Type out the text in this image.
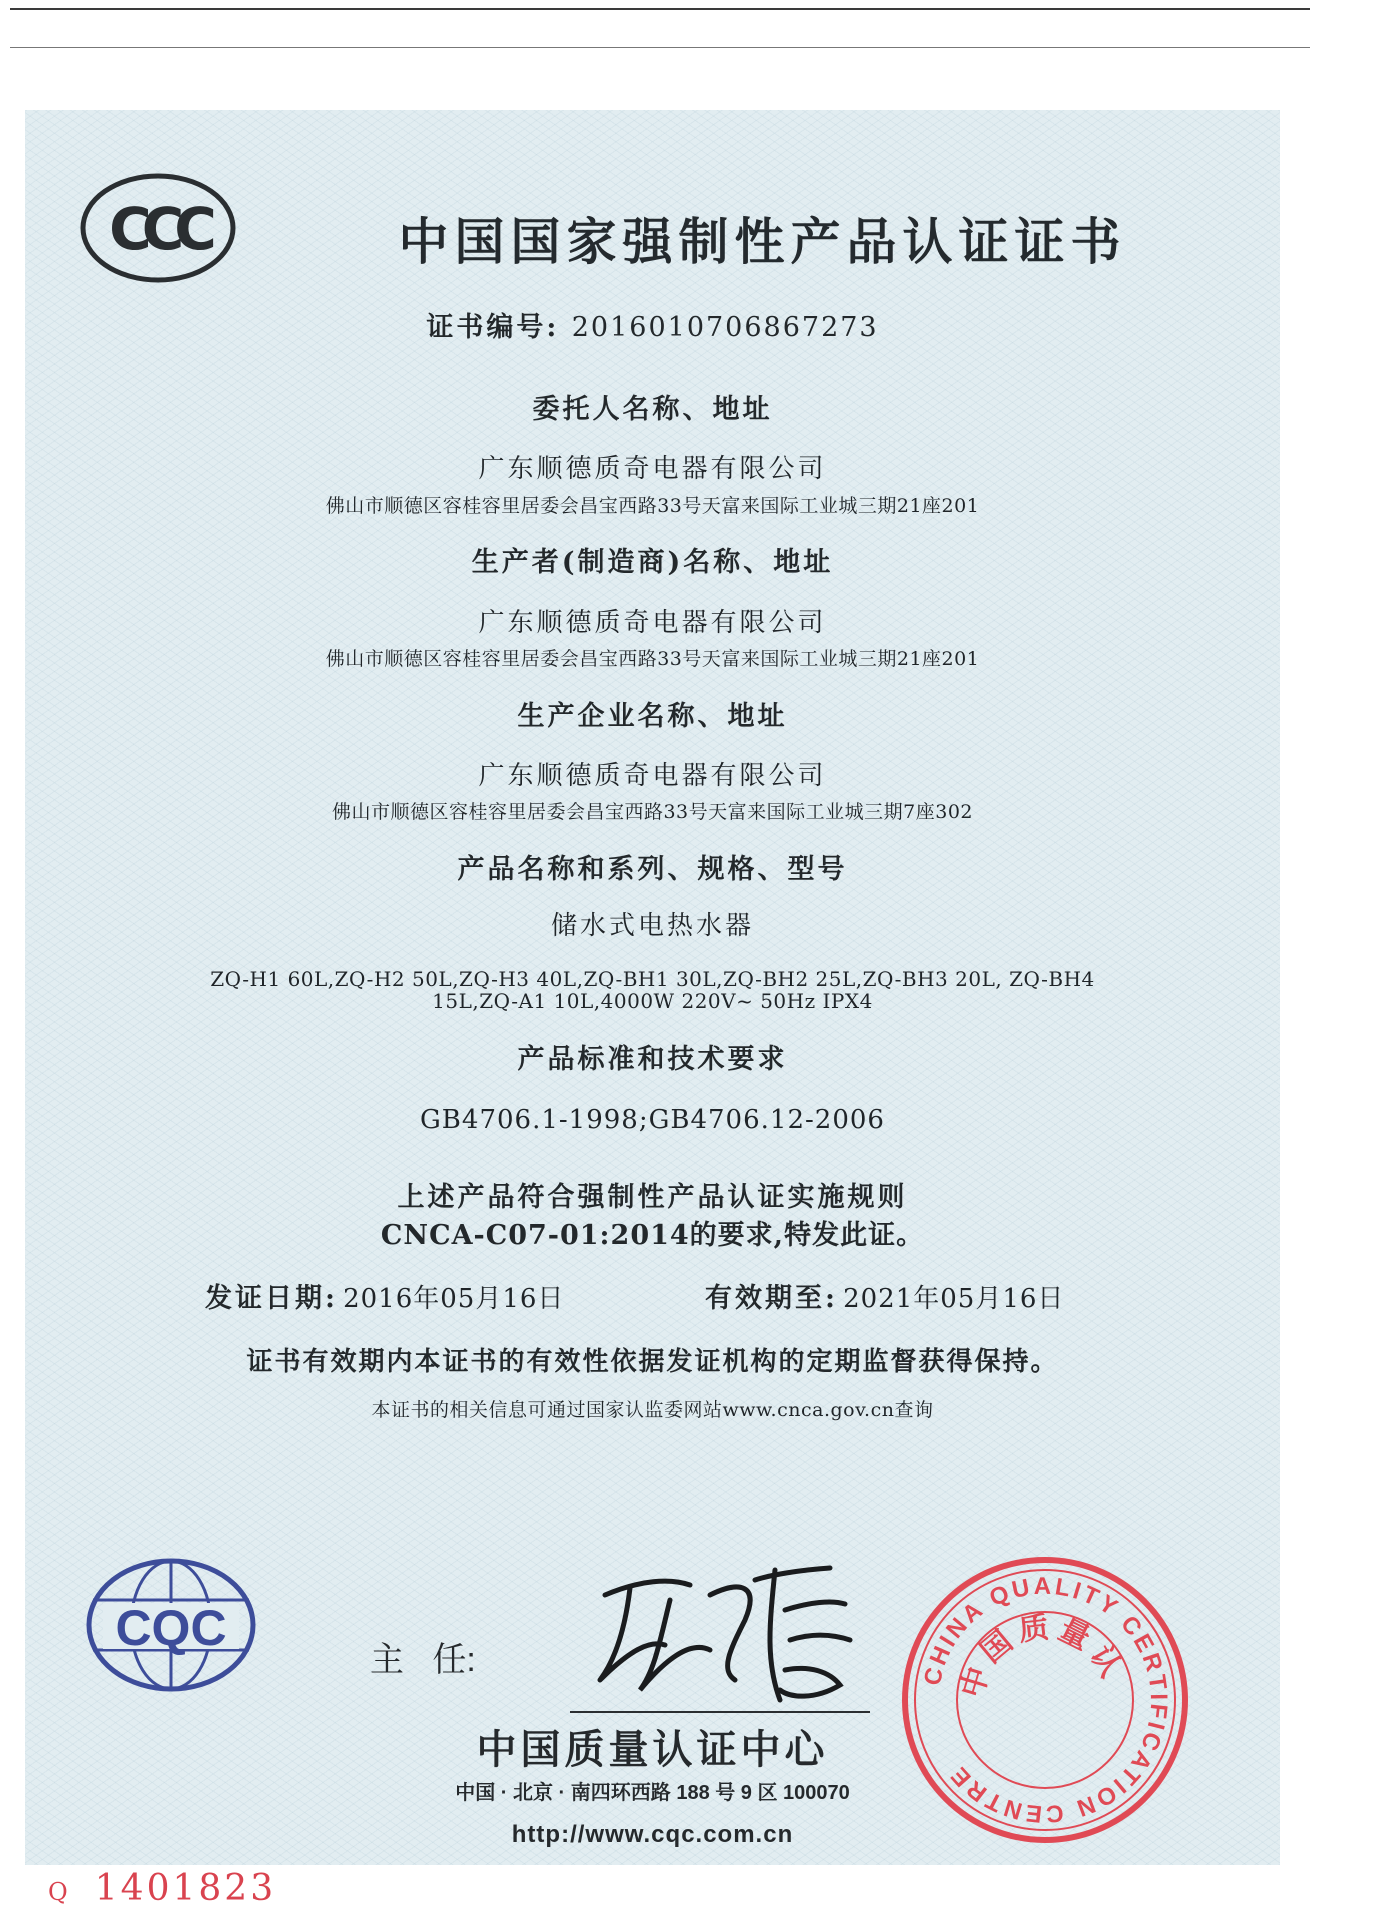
CCC	中国国家强制性产品认证证书
证书编号: 2016010706867273
委托人名称、地址
广东顺德质奇电器有限公司
佛山市顺德区容桂容里居委会昌宝西路33号天富来国际工业城三期21座201
生产者(制造商)名称、地址
广东顺德质奇电器有限公司
佛山市顺德区容桂容里居委会昌宝西路33号天富来国际工业城三期21座201
生产企业名称、地址
广东顺德质奇电器有限公司
佛山市顺德区容桂容里居委会昌宝西路33号天富来国际工业城三期7座302
产品名称和系列、规格、型号
储水式电热水器
ZQ-H1 60L,ZQ-H2 50L,ZQ-H3 40L,ZQ-BH1 30L,ZQ-BH2 25L,ZQ-BH3 20L, ZQ-BH4
15L,ZQ-A1 10L,4000W 220V~ 50Hz IPX4
产品标准和技术要求
GB4706.1-1998;GB4706.12-2006
上述产品符合强制性产品认证实施规则
CNCA-C07-01:2014的要求,特发此证。
发证日期: 2016年05月16日	有效期至: 2021年05月16日
证书有效期内本证书的有效性依据发证机构的定期监督获得保持。
本证书的相关信息可通过国家认监委网站www.cnca.gov.cn查询
CQC
主   任:
中国质量认证中心
中国 · 北京 · 南四环西路 188 号 9 区 100070
http://www.cqc.com.cn
CHINA QUALITY CERTIFICATION CENTRE
中国质量认
Q 1401823
